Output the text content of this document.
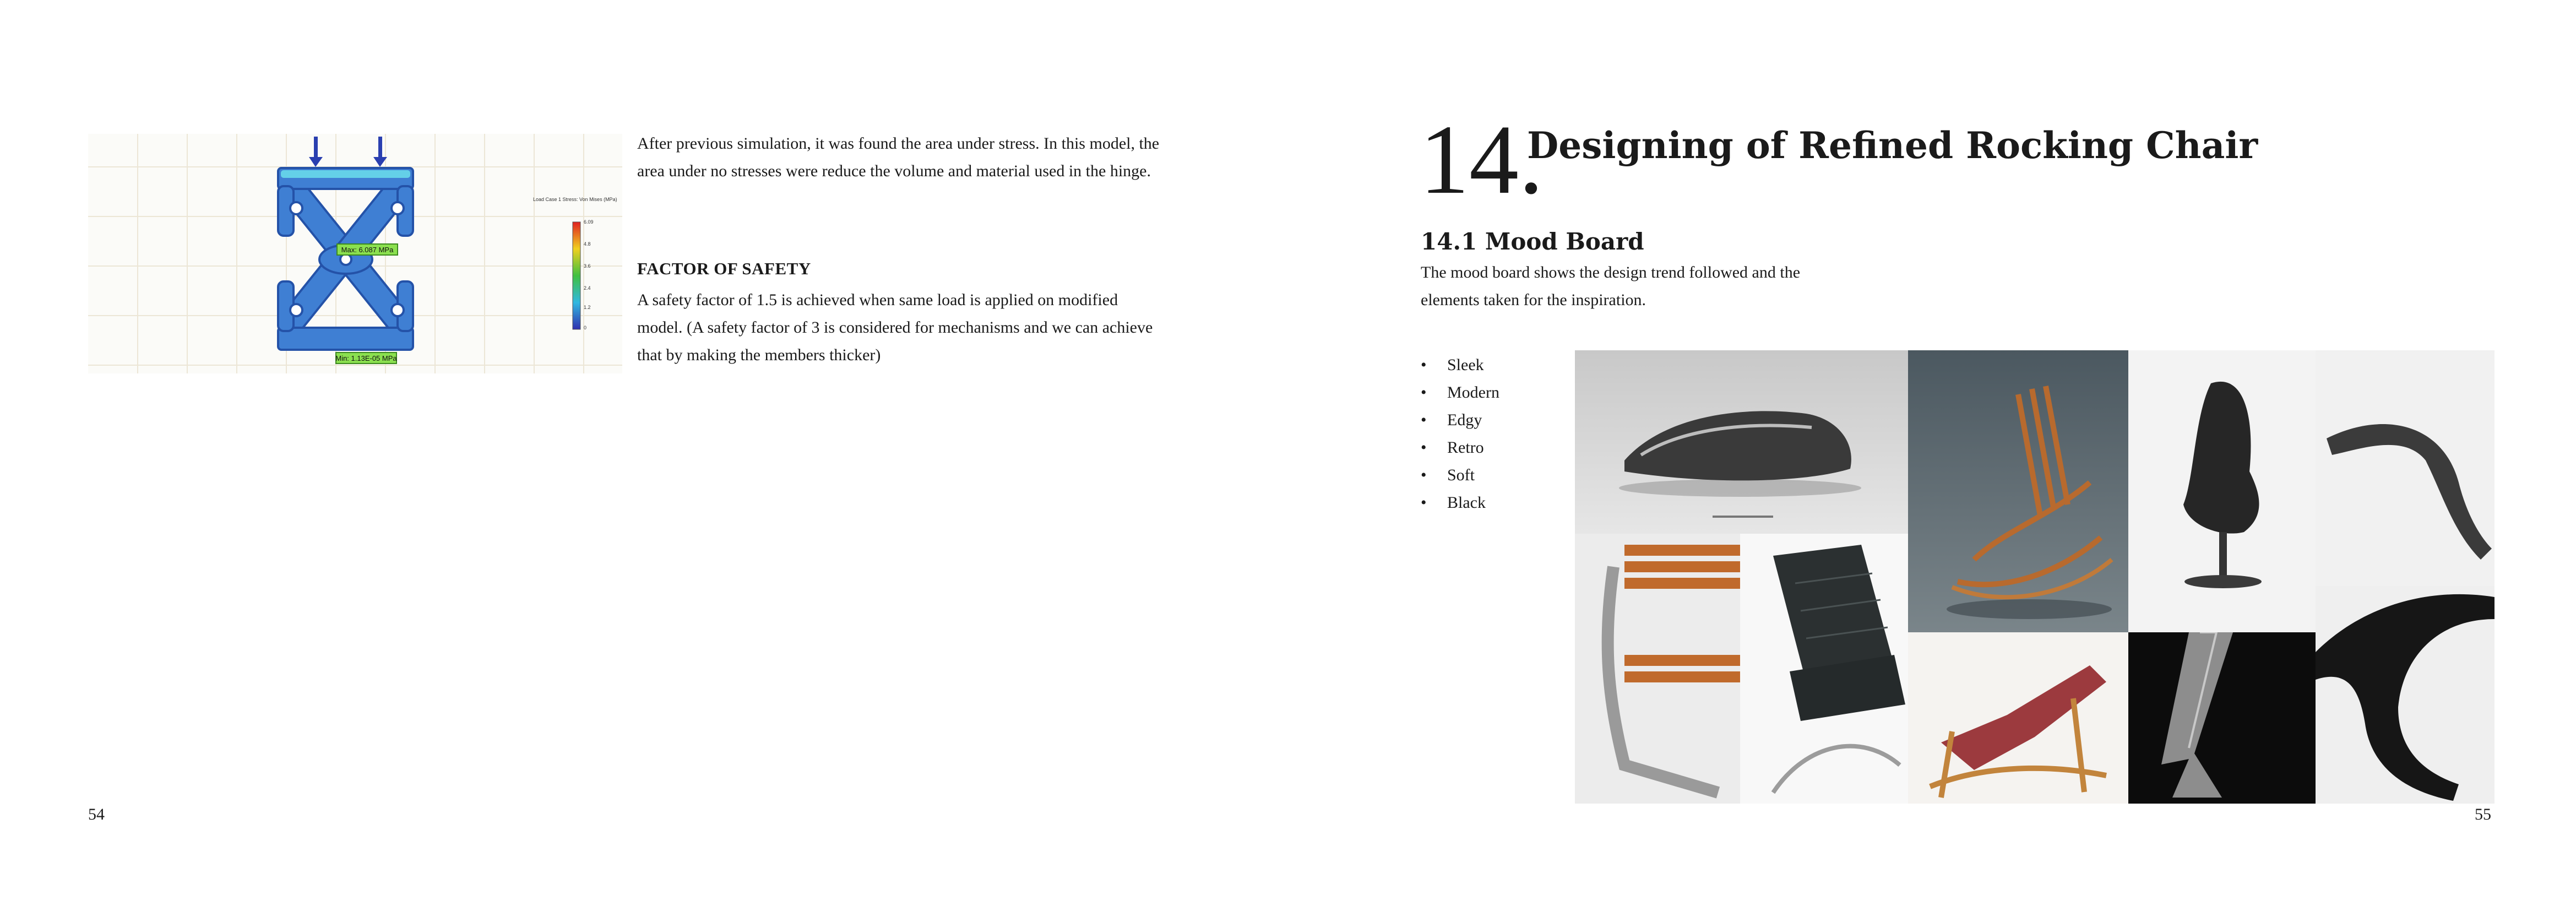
Max: 6.087 MPa
Min: 1.13E-05 MPa
Load Case 1 Stress: Von Mises (MPa)
6.09
4.8
3.6
2.4
1.2
0
After previous simulation, it was found the area under stress. In this model, the area under no stresses were reduce the volume and material used in the hinge.
FACTOR OF SAFETY
A safety factor of 1.5 is achieved when same load is applied on modified model. (A safety factor of 3 is considered for mechanisms and we can achieve that by making the members thicker)
54
14.
Designing of Refined Rocking Chair
14.1 Mood Board
The mood board shows the design trend followed and the elements taken for the inspiration.
• Sleek
• Modern
• Edgy
• Retro
• Soft
• Black
55
